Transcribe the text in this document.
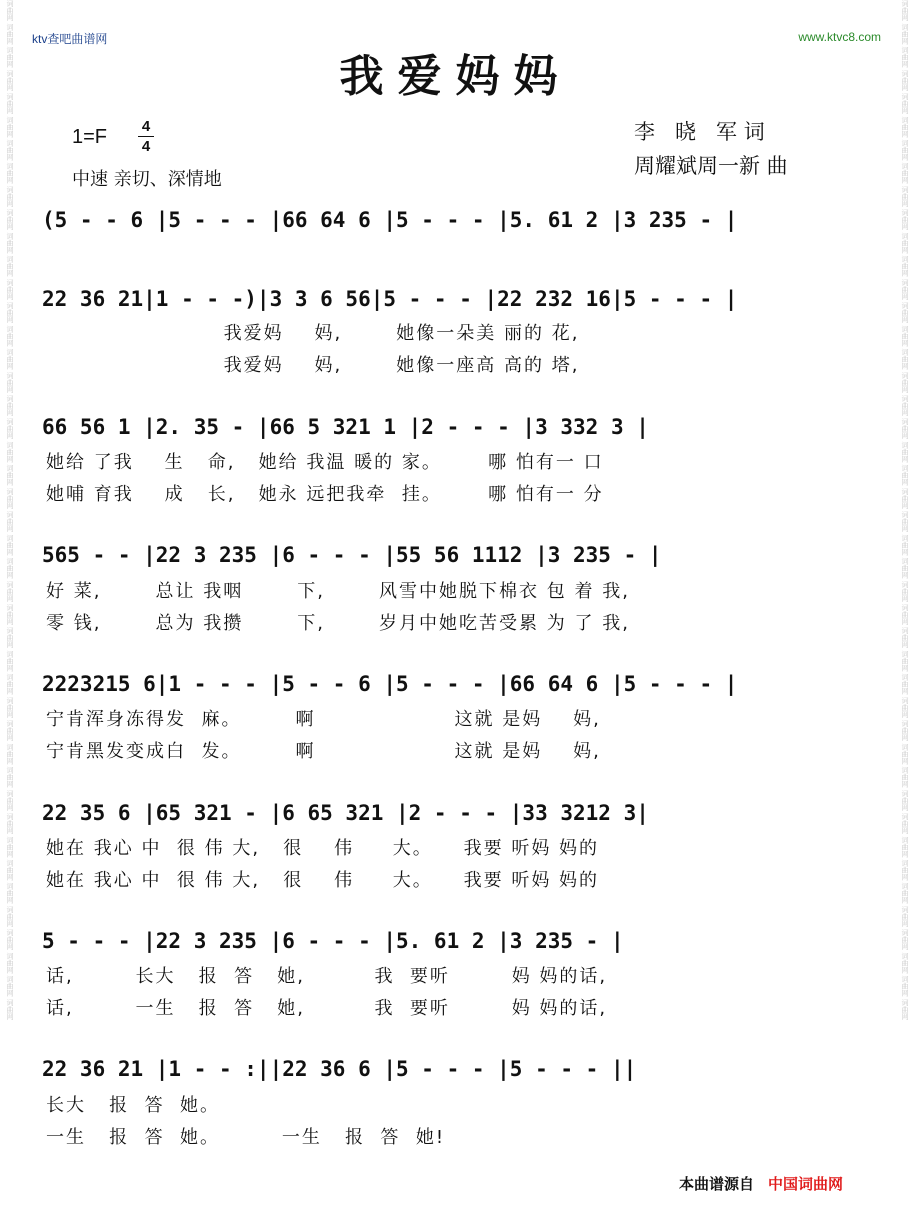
词曲网 词曲网 词曲网 词曲网 词曲网 词曲网 词曲网 词曲网 词曲网 词曲网 词曲网 词曲网 词曲网 词曲网 词曲网 词曲网 词曲网 词曲网 词曲网 词曲网 词曲网 词曲网 词曲网 词曲网 词曲网 词曲网 词曲网 词曲网 词曲网 词曲网 词曲网 词曲网 词曲网 词曲网 词曲网 词曲网 词曲网 词曲网 词曲网 词曲网 词曲网 词曲网 词曲网 词曲网	词曲网 词曲网 词曲网 词曲网 词曲网 词曲网 词曲网 词曲网 词曲网 词曲网 词曲网 词曲网 词曲网 词曲网 词曲网 词曲网 词曲网 词曲网 词曲网 词曲网 词曲网 词曲网 词曲网 词曲网 词曲网 词曲网 词曲网 词曲网 词曲网 词曲网 词曲网 词曲网 词曲网 词曲网 词曲网 词曲网 词曲网 词曲网 词曲网 词曲网 词曲网 词曲网 词曲网 词曲网
ktv查吧曲谱网	www.ktvc8.com
我爱妈妈
1=F 4
4
中速 亲切、深情地
李   晓   军 词
周耀斌周一新 曲
(5 - - 6 |5 - - - |66 64 6 |5 - - - |5. 61 2 |3 235 - |
22 36 21|1 - - -)|3 3 6 56|5 - - - |22 232 16|5 - - - |
我爱妈    妈,       她像一朵美 丽的 花,
我爱妈    妈,       她像一座高 高的 塔,
66 56 1 |2. 35 - |66 5 321 1 |2 - - - |3 332 3 |
她给 了我    生   命,   她给 我温 暖的 家。      哪 怕有一 口
她哺 育我    成   长,   她永 远把我牵  挂。      哪 怕有一 分
565 - - |22 3 235 |6 - - - |55 56 1112 |3 235 - |
好 菜,       总让 我咽       下,       风雪中她脱下棉衣 包 着 我,
零 钱,       总为 我攒       下,       岁月中她吃苦受累 为 了 我,
2223215 6|1 - - - |5 - - 6 |5 - - - |66 64 6 |5 - - - |
宁肯浑身冻得发  麻。       啊                  这就 是妈    妈,
宁肯黑发变成白  发。       啊                  这就 是妈    妈,
22 35 6 |65 321 - |6 65 321 |2 - - - |33 3212 3|
她在 我心 中  很 伟 大,   很    伟     大。    我要 听妈 妈的
她在 我心 中  很 伟 大,   很    伟     大。    我要 听妈 妈的
5 - - - |22 3 235 |6 - - - |5. 61 2 |3 235 - |
话,        长大   报  答   她,         我  要听        妈 妈的话,
话,        一生   报  答   她,         我  要听        妈 妈的话,
22 36 21 |1 - - :||22 36 6 |5 - - - |5 - - - ||
长大   报  答  她。
一生   报  答  她。        一生   报  答  她!
本曲谱源自 中国词曲网
